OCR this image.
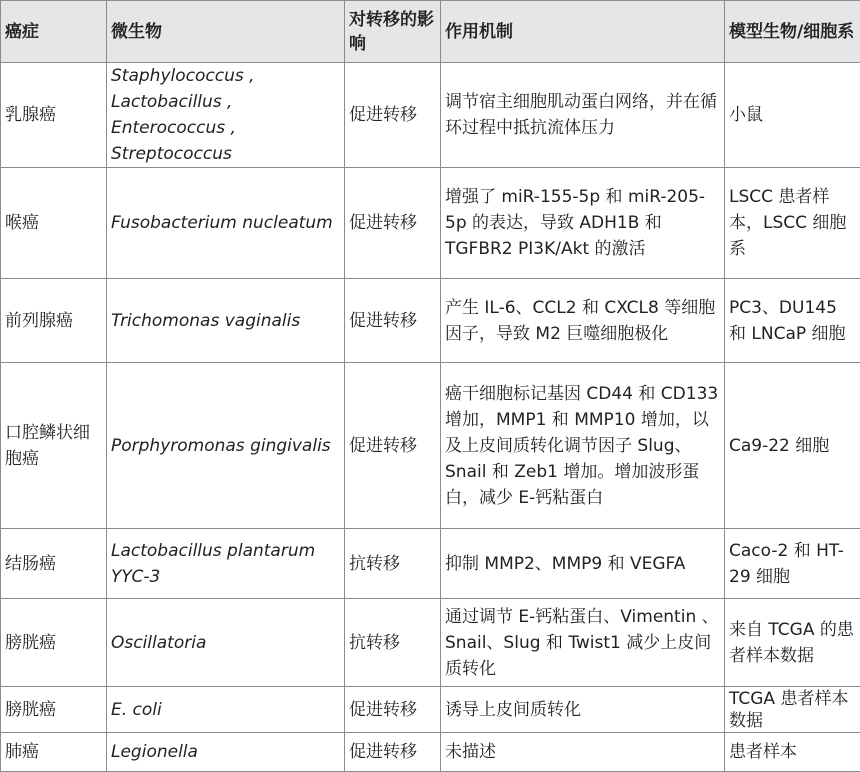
癌症	微生物	对转移的影响	作用机制	模型生物/细胞系
乳腺癌	Staphylococcus , Lactobacillus , Enterococcus , Streptococcus	促进转移	调节宿主细胞肌动蛋白网络，并在循环过程中抵抗流体压力	小鼠
喉癌	Fusobacterium nucleatum	促进转移	增强了 miR-155-5p 和 miR-205-5p 的表达，导致 ADH1B 和 TGFBR2 PI3K/Akt 的激活	LSCC 患者样本，LSCC 细胞系
前列腺癌	Trichomonas vaginalis	促进转移	产生 IL-6、CCL2 和 CXCL8 等细胞因子，导致 M2 巨噬细胞极化	PC3、DU145 和 LNCaP 细胞
口腔鳞状细胞癌	Porphyromonas gingivalis	促进转移	癌干细胞标记基因 CD44 和 CD133 增加，MMP1 和 MMP10 增加，以及上皮间质转化调节因子 Slug、Snail 和 Zeb1 增加。增加波形蛋白，减少 E-钙粘蛋白	Ca9-22 细胞
结肠癌	Lactobacillus plantarum YYC-3	抗转移	抑制 MMP2、MMP9 和 VEGFA	Caco-2 和 HT-29 细胞
膀胱癌	Oscillatoria	抗转移	通过调节 E-钙粘蛋白、Vimentin 、Snail、Slug 和 Twist1 减少上皮间质转化	来自 TCGA 的患者样本数据
膀胱癌	E. coli	促进转移	诱导上皮间质转化	TCGA 患者样本数据
肺癌	Legionella	促进转移	未描述	患者样本
